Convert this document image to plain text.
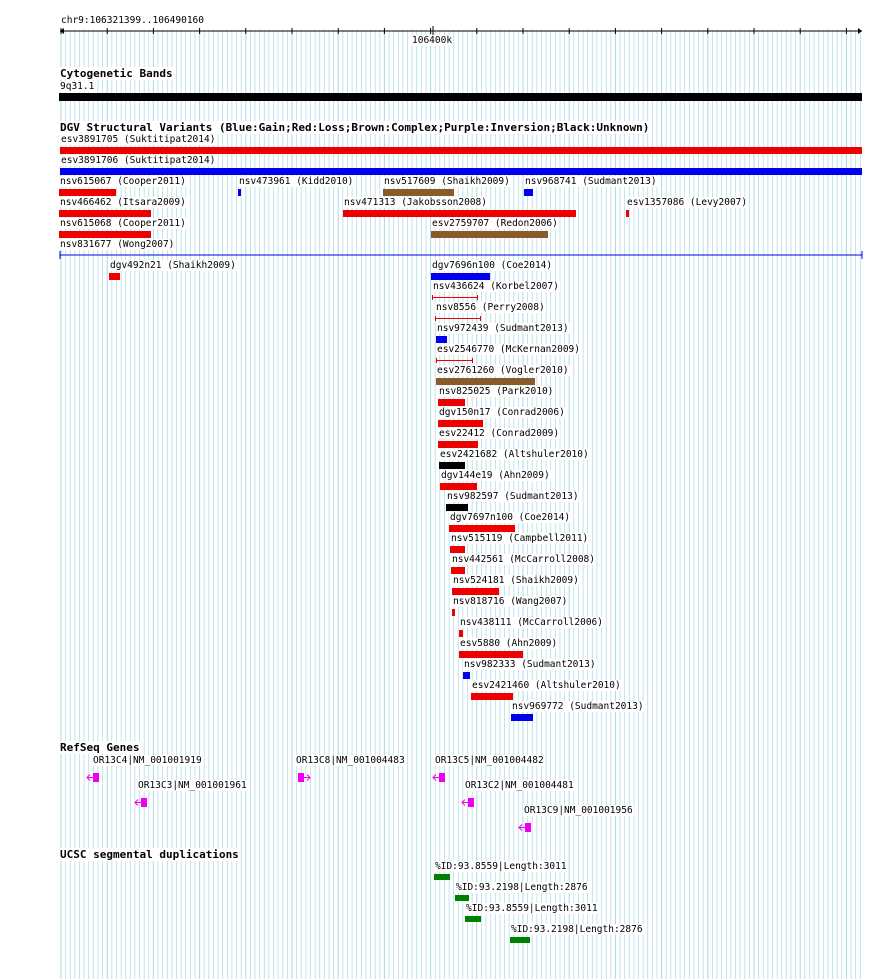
chr9:106321399..106490160
106400k
Cytogenetic Bands
9q31.1
DGV Structural Variants (Blue:Gain;Red:Loss;Brown:Complex;Purple:Inversion;Black:Unknown)
esv3891705 (Suktitipat2014)
esv3891706 (Suktitipat2014)
nsv615067 (Cooper2011)	nsv473961 (Kidd2010)	nsv517609 (Shaikh2009) nsv968741 (Sudmant2013)
nsv466462 (Itsara2009)	nsv471313 (Jakobsson2008)	esv1357086 (Levy2007)
nsv615068 (Cooper2011)	esv2759707 (Redon2006)
nsv831677 (Wong2007)
dgv492n21 (Shaikh2009)	dgv7696n100 (Coe2014)
nsv436624 (Korbel2007)
nsv8556 (Perry2008)
nsv972439 (Sudmant2013)
esv2546770 (McKernan2009)
esv2761260 (Vogler2010)
nsv825025 (Park2010)
dgv150n17 (Conrad2006)
esv22412 (Conrad2009)
esv2421682 (Altshuler2010)
dgv144e19 (Ahn2009)
nsv982597 (Sudmant2013)
dgv7697n100 (Coe2014)
nsv515119 (Campbell2011)
nsv442561 (McCarroll2008)
nsv524181 (Shaikh2009)
nsv818716 (Wang2007)
nsv438111 (McCarroll2006)
esv5880 (Ahn2009)
nsv982333 (Sudmant2013)
esv2421460 (Altshuler2010)
nsv969772 (Sudmant2013)
RefSeq Genes
OR13C4|NM_001001919	OR13C8|NM_001004483	OR13C5|NM_001004482
OR13C3|NM_001001961	OR13C2|NM_001004481
OR13C9|NM_001001956
UCSC segmental duplications
%ID:93.8559|Length:3011
%ID:93.2198|Length:2876
%ID:93.8559|Length:3011
%ID:93.2198|Length:2876
